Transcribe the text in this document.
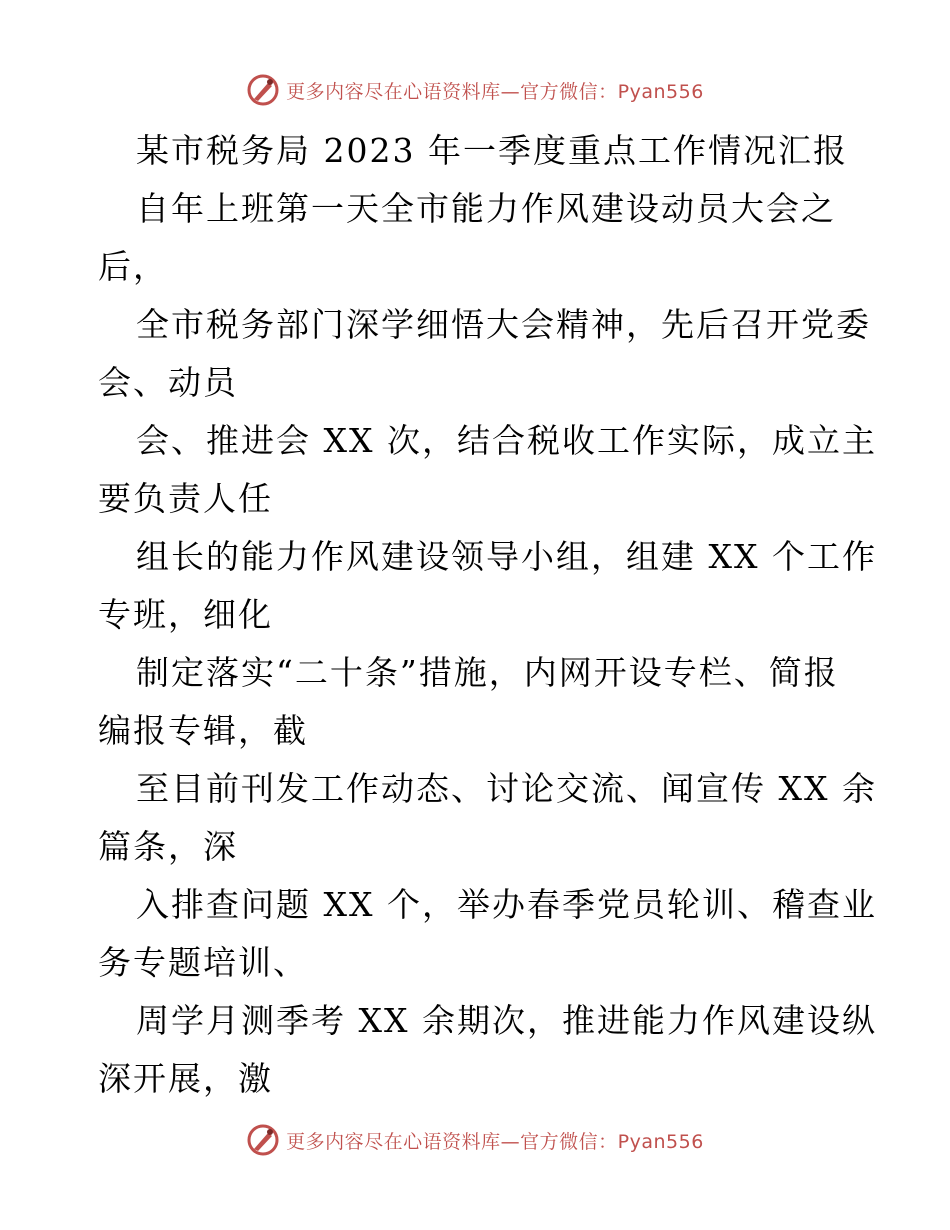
更多内容尽在心语资料库—官方微信：Pyan556
某市税务局 2023 年一季度重点工作情况汇报
自年上班第一天全市能力作风建设动员大会之
后，
全市税务部门深学细悟大会精神，先后召开党委
会、动员
会、推进会 XX 次，结合税收工作实际，成立主
要负责人任
组长的能力作风建设领导小组，组建 XX 个工作
专班，细化
制定落实“二十条”措施，内网开设专栏、简报
编报专辑，截
至目前刊发工作动态、讨论交流、闻宣传 XX 余
篇条，深
入排查问题 XX 个，举办春季党员轮训、稽查业
务专题培训、
周学月测季考 XX 余期次，推进能力作风建设纵
深开展，激
更多内容尽在心语资料库—官方微信：Pyan556
